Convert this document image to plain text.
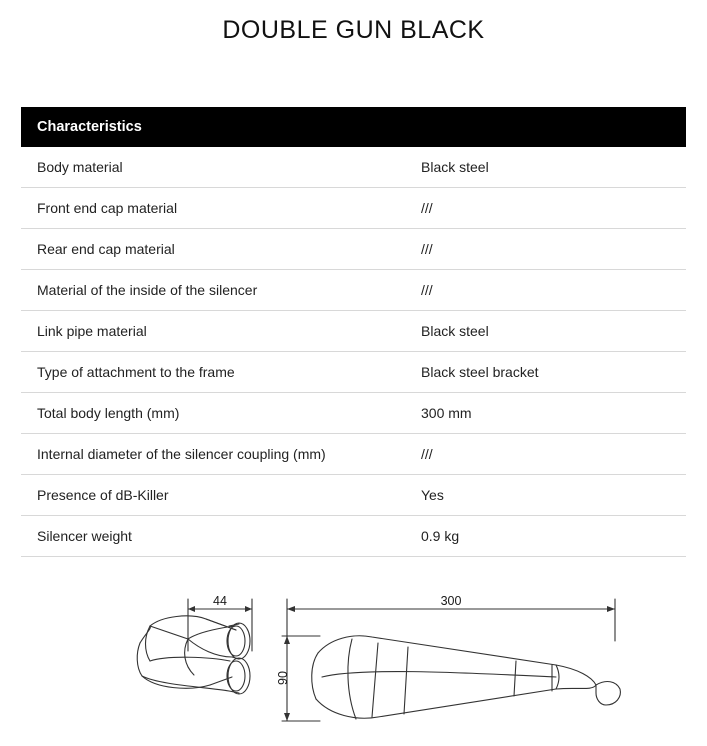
DOUBLE GUN BLACK
Characteristics	
Body material	Black steel
Front end cap material	///
Rear end cap material	///
Material of the inside of the silencer	///
Link pipe material	Black steel
Type of attachment to the frame	Black steel bracket
Total body length (mm)	300 mm
Internal diameter of the silencer coupling (mm)	///
Presence of dB-Killer	Yes
Silencer weight	0.9 kg
44	300
90
